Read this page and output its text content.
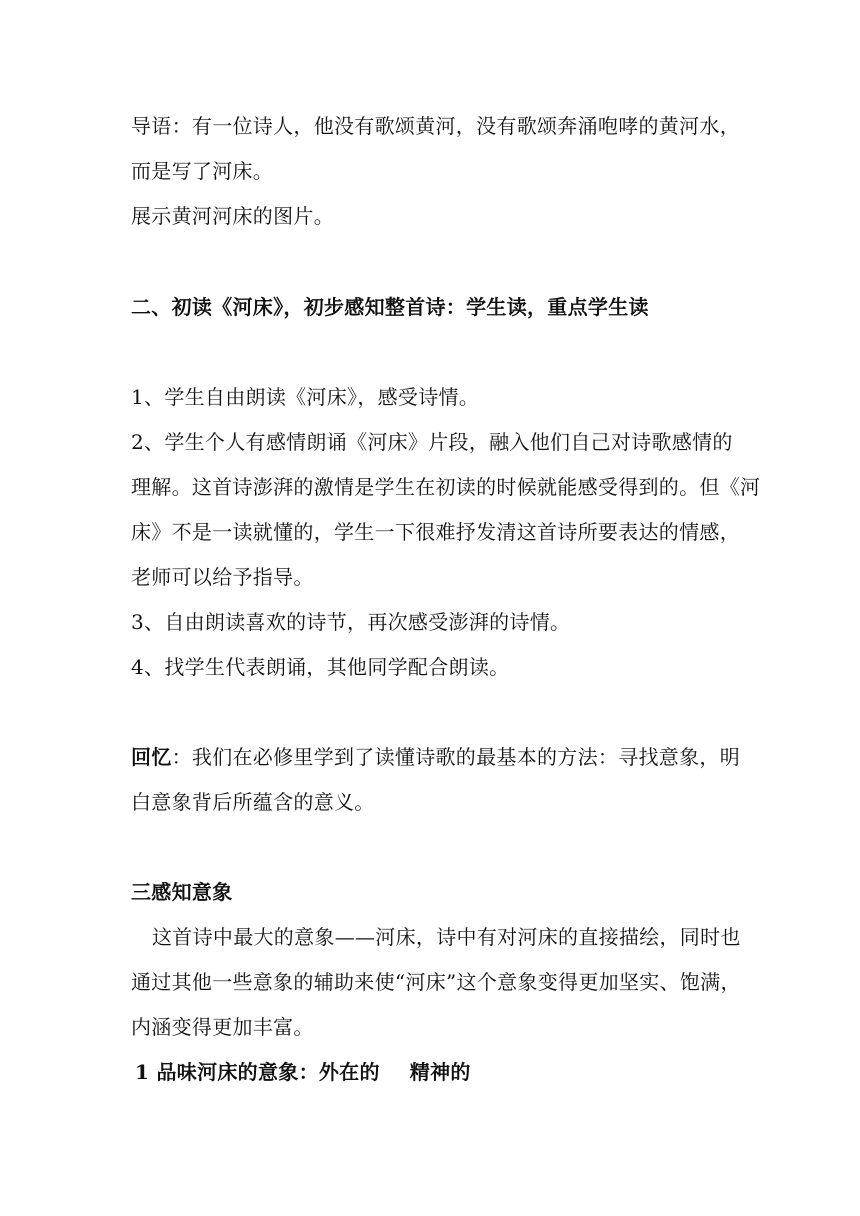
导语：有一位诗人，他没有歌颂黄河，没有歌颂奔涌咆哮的黄河水，
而是写了河床。
展示黄河河床的图片。
二、初读《河床》，初步感知整首诗：学生读，重点学生读
1、学生自由朗读《河床》，感受诗情。
2、学生个人有感情朗诵《河床》片段，融入他们自己对诗歌感情的
理解。这首诗澎湃的激情是学生在初读的时候就能感受得到的。但《河
床》不是一读就懂的，学生一下很难抒发清这首诗所要表达的情感，
老师可以给予指导。
3、自由朗读喜欢的诗节，再次感受澎湃的诗情。
4、找学生代表朗诵，其他同学配合朗读。
回忆：我们在必修里学到了读懂诗歌的最基本的方法：寻找意象，明
白意象背后所蕴含的意义。
三感知意象
这首诗中最大的意象——河床，诗中有对河床的直接描绘，同时也
通过其他一些意象的辅助来使“河床”这个意象变得更加坚实、饱满，
内涵变得更加丰富。
1 品味河床的意象：外在的 精神的
